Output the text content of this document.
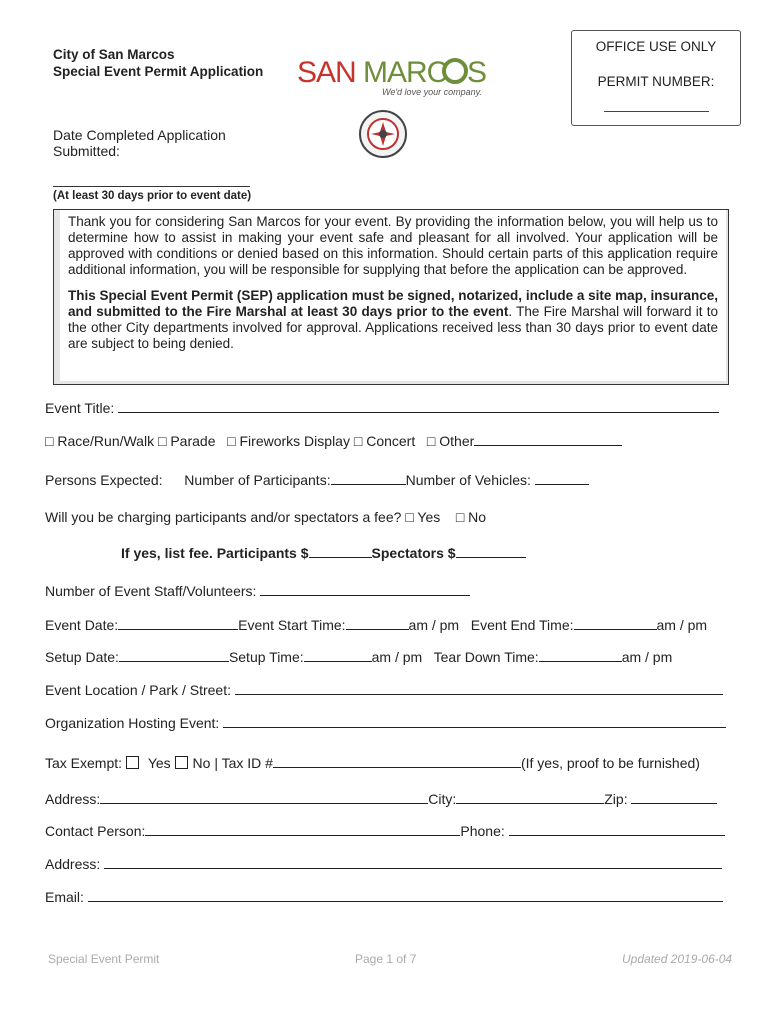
City of San Marcos
Special Event Permit Application SAN MARC S
We'd love your company.
OFFICE USE ONLY
PERMIT NUMBER:
Date Completed Application
Submitted:
(At least 30 days prior to event date)

Thank you for considering San Marcos for your event. By providing the information below, you will help us to determine how to assist in making your event safe and pleasant for all involved. Your application will be approved with conditions or denied based on this information. Should certain parts of this application require additional information, you will be responsible for supplying that before the application can be approved.

This Special Event Permit (SEP) application must be signed, notarized, include a site map, insurance, and submitted to the Fire Marshal at least 30 days prior to the event. The Fire Marshal will forward it to the other City departments involved for approval. Applications received less than 30 days prior to event date are subject to being denied.

Event Title:
□ Race/Run/Walk □ Parade □ Fireworks Display □ Concert □ Other
Persons Expected: Number of Participants:	Number of Vehicles:
Will you be charging participants and/or spectators a fee? □ Yes □ No
If yes, list fee. Participants $	Spectators $
Number of Event Staff/Volunteers:
Event Date:	Event Start Time:	am / pm Event End Time:	am / pm
Setup Date:	Setup Time:	am / pm Tear Down Time:	am / pm
Event Location / Park / Street:
Organization Hosting Event:
Tax Exempt: Yes No | Tax ID #	(If yes, proof to be furnished)
Address:	City:	Zip:
Contact Person:	Phone:
Address:
Email:
Special Event Permit	Page 1 of 7	Updated 2019-06-04
